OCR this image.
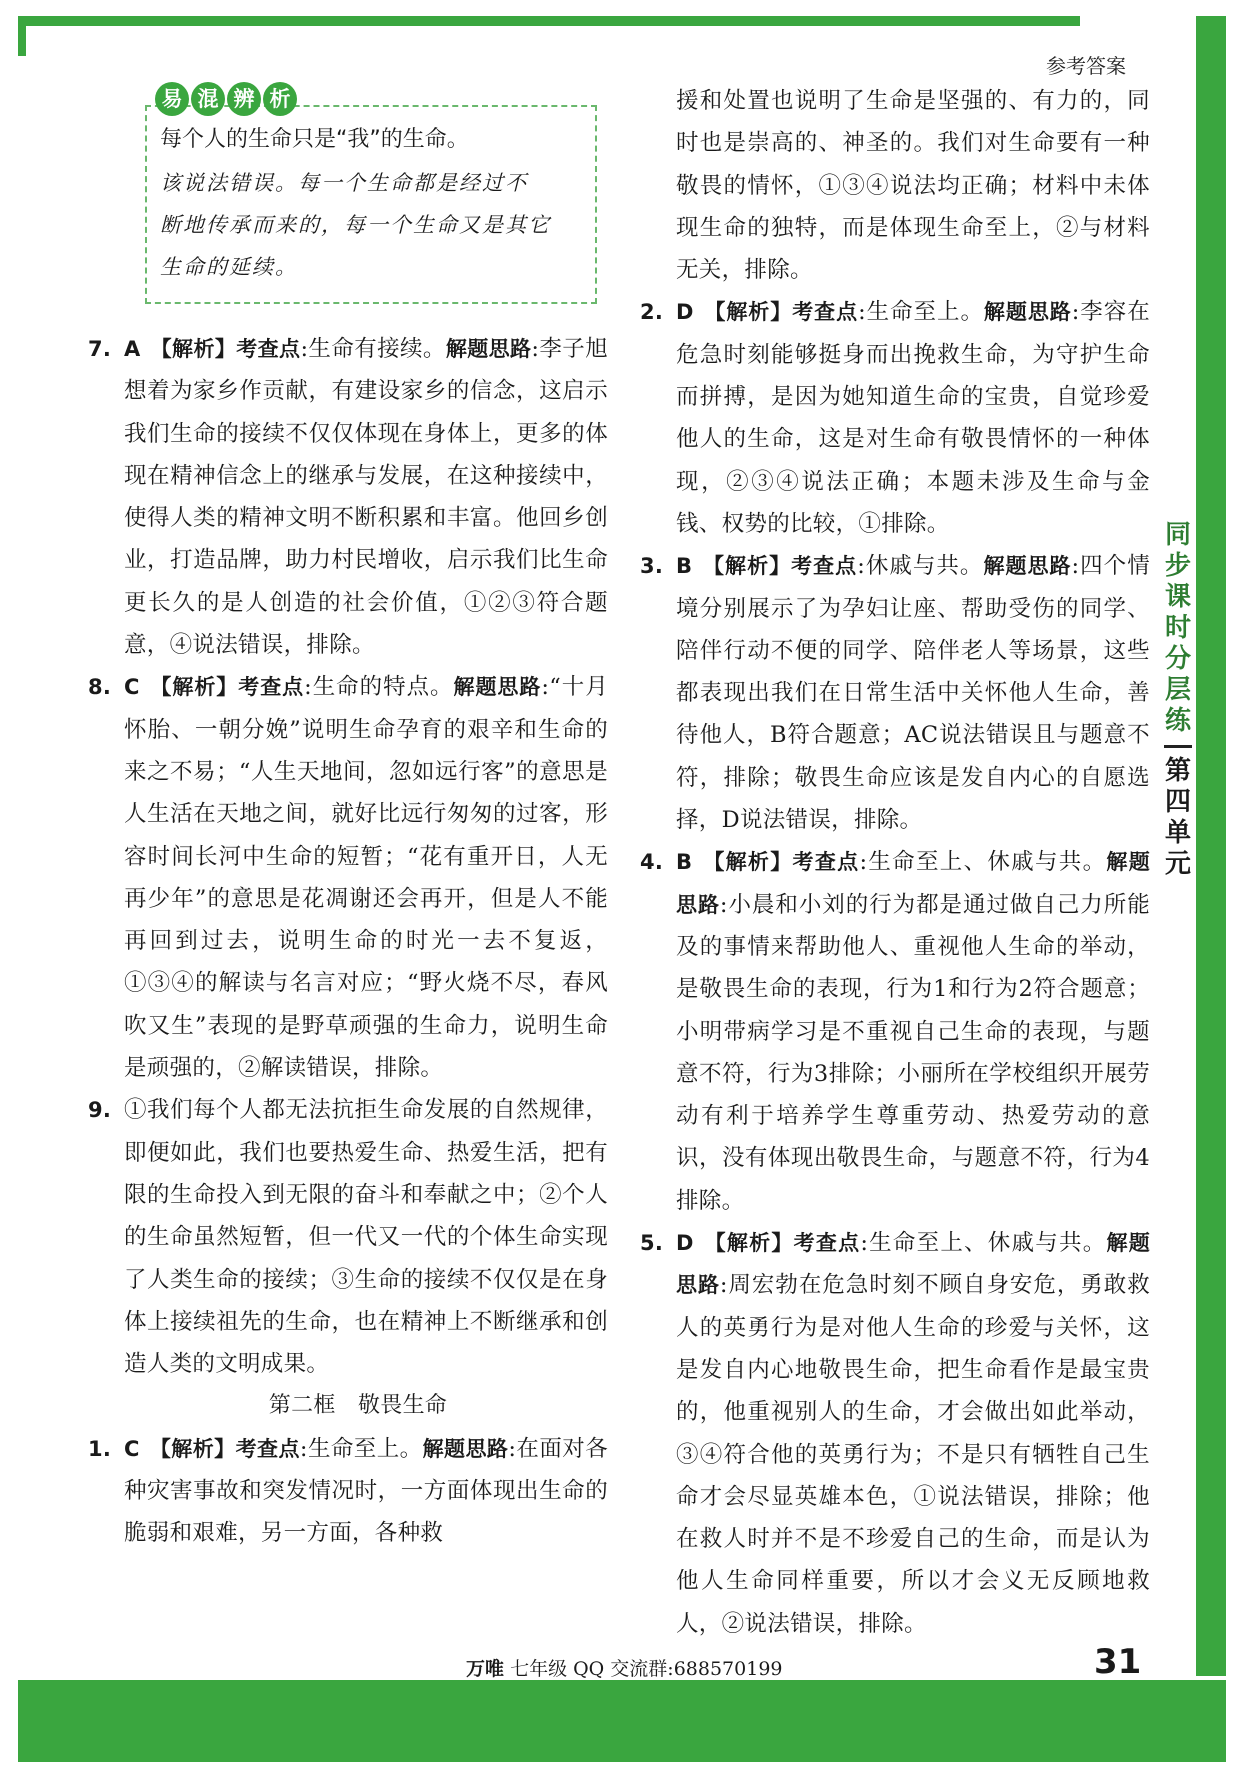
参考答案
易 混 辨 析
每个人的生命只是“我”的生命。
该说法错误。每一个生命都是经过不
断地传承而来的，每一个生命又是其它
生命的延续。
7. A 【解析】考查点:生命有接续。解题思路:李子旭想着为家乡作贡献，有建设家乡的信念，这启示我们生命的接续不仅仅体现在身体上，更多的体现在精神信念上的继承与发展，在这种接续中，使得人类的精神文明不断积累和丰富。他回乡创业，打造品牌，助力村民增收，启示我们比生命更长久的是人创造的社会价值，①②③符合题意，④说法错误，排除。
8. C 【解析】考查点:生命的特点。解题思路:“十月怀胎、一朝分娩”说明生命孕育的艰辛和生命的来之不易；“人生天地间，忽如远行客”的意思是人生活在天地之间，就好比远行匆匆的过客，形容时间长河中生命的短暂；“花有重开日，人无再少年”的意思是花凋谢还会再开，但是人不能再回到过去，说明生命的时光一去不复返，①③④的解读与名言对应；“野火烧不尽，春风吹又生”表现的是野草顽强的生命力，说明生命是顽强的，②解读错误，排除。
9. ①我们每个人都无法抗拒生命发展的自然规律，即便如此，我们也要热爱生命、热爱生活，把有限的生命投入到无限的奋斗和奉献之中；②个人的生命虽然短暂，但一代又一代的个体生命实现了人类生命的接续；③生命的接续不仅仅是在身体上接续祖先的生命，也在精神上不断继承和创造人类的文明成果。

第二框　敬畏生命

1. C 【解析】考查点:生命至上。解题思路:在面对各种灾害事故和突发情况时，一方面体现出生命的脆弱和艰难，另一方面，各种救
援和处置也说明了生命是坚强的、有力的，同时也是崇高的、神圣的。我们对生命要有一种敬畏的情怀，①③④说法均正确；材料中未体现生命的独特，而是体现生命至上，②与材料无关，排除。
2. D 【解析】考查点:生命至上。解题思路:李容在危急时刻能够挺身而出挽救生命，为守护生命而拼搏，是因为她知道生命的宝贵，自觉珍爱他人的生命，这是对生命有敬畏情怀的一种体现，②③④说法正确；本题未涉及生命与金钱、权势的比较，①排除。
3. B 【解析】考查点:休戚与共。解题思路:四个情境分别展示了为孕妇让座、帮助受伤的同学、陪伴行动不便的同学、陪伴老人等场景，这些都表现出我们在日常生活中关怀他人生命，善待他人，B符合题意；AC说法错误且与题意不符，排除；敬畏生命应该是发自内心的自愿选择，D说法错误，排除。
4. B 【解析】考查点:生命至上、休戚与共。解题思路:小晨和小刘的行为都是通过做自己力所能及的事情来帮助他人、重视他人生命的举动，是敬畏生命的表现，行为1和行为2符合题意；小明带病学习是不重视自己生命的表现，与题意不符，行为3排除；小丽所在学校组织开展劳动有利于培养学生尊重劳动、热爱劳动的意识，没有体现出敬畏生命，与题意不符，行为4排除。
5. D 【解析】考查点:生命至上、休戚与共。解题思路:周宏勃在危急时刻不顾自身安危，勇敢救人的英勇行为是对他人生命的珍爱与关怀，这是发自内心地敬畏生命，把生命看作是最宝贵的，他重视别人的生命，才会做出如此举动，③④符合他的英勇行为；不是只有牺牲自己生命才会尽显英雄本色，①说法错误，排除；他在救人时并不是不珍爱自己的生命，而是认为他人生命同样重要，所以才会义无反顾地救人，②说法错误，排除。
同
步
课
时
分
层
练
第
四
单
元
万唯 七年级 QQ 交流群:688570199	31
